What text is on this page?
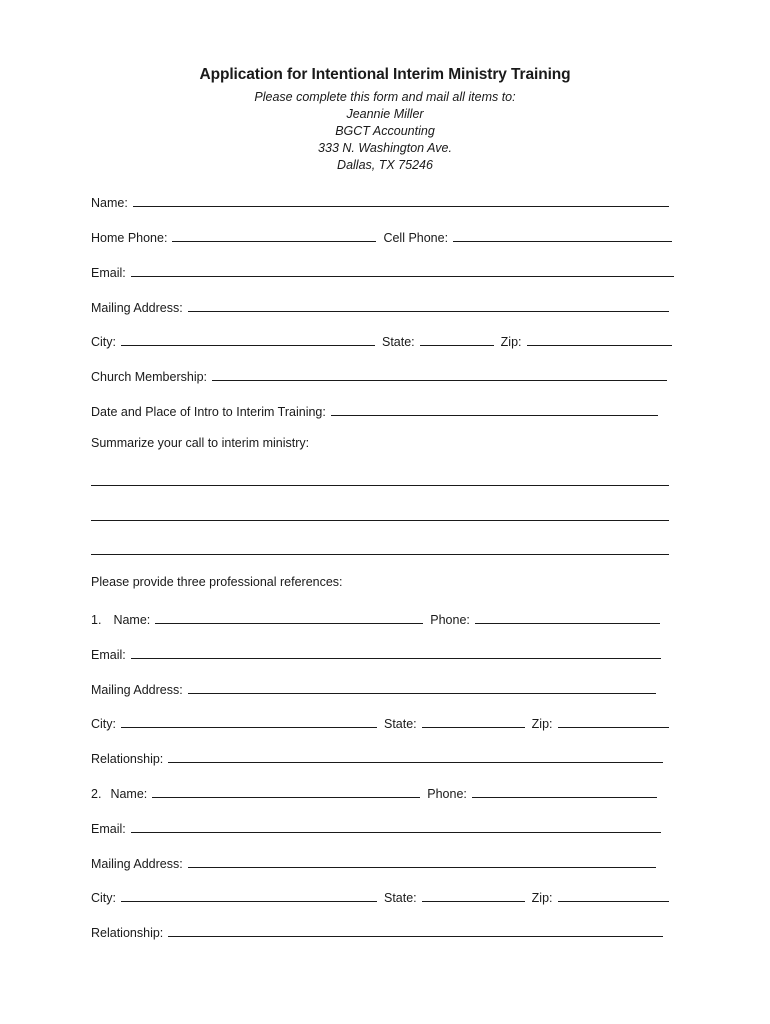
Application for Intentional Interim Ministry Training
Please complete this form and mail all items to:
Jeannie Miller
BGCT Accounting
333 N. Washington Ave.
Dallas, TX 75246
Name:
Home Phone:	Cell Phone:
Email:
Mailing Address:
City:	State:	Zip:
Church Membership:
Date and Place of Intro to Interim Training:
Summarize your call to interim ministry:
Please provide three professional references:
1. Name:	Phone:
Email:
Mailing Address:
City:	State:	Zip:
Relationship:
2. Name:	Phone:
Email:
Mailing Address:
City:	State:	Zip:
Relationship:
